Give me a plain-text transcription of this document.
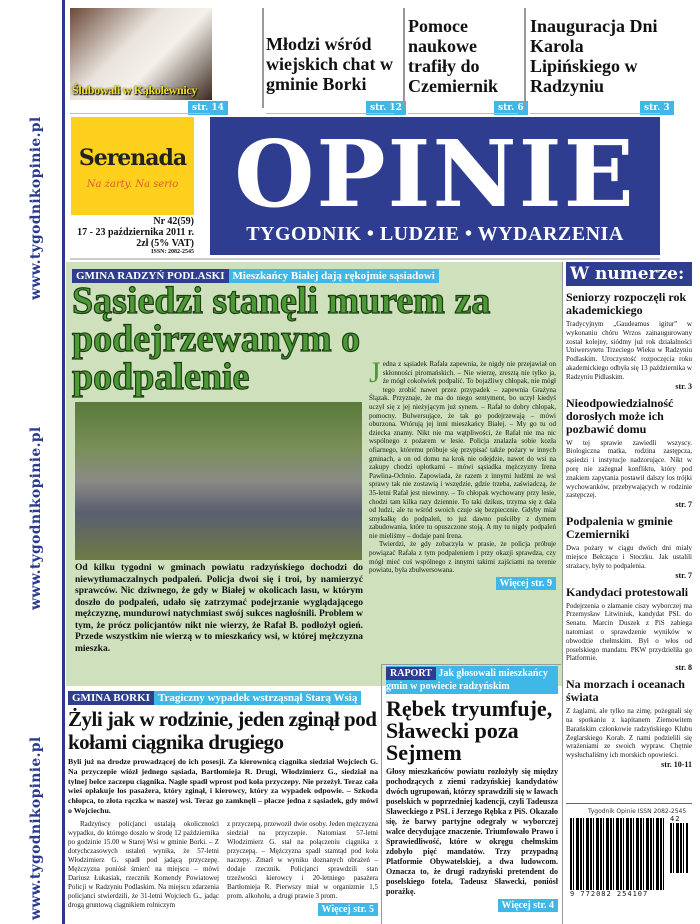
www.tygodnikopinie.pl
www.tygodnikopinie.pl
www.tygodnikopinie.pl
Ślubowali w Kąkolewnicy
str. 14
Młodzi wśród wiejskich chat w gminie Borki
str. 12
Pomoce naukowe trafiły do Czemiernik
str. 6
Inauguracja Dni Karola Lipińskiego w Radzyniu
str. 3
Serenada
Na żarty. Na serio
Nr 42(59)
17 - 23 października 2011 r.
2zł (5% VAT)
ISSN: 2082-2545
OPINIE
TYGODNIK • LUDZIE • WYDARZENIA
GMINA RADZYŃ PODLASKI Mieszkańcy Białej dają rękojmie sąsiadowi
Sąsiedzi stanęli murem za podejrzewanym o podpalenie
Od kilku tygodni w gminach powiatu radzyńskiego dochodzi do niewytłumaczalnych podpaleń. Policja dwoi się i troi, by namierzyć sprawców. Nic dziwnego, że gdy w Białej w okolicach lasu, w którym doszło do podpaleń, udało się zatrzymać podejrzanie wyglądającego mężczyznę, mundurowi natychmiast swój sukces nagłośnili. Problem w tym, że prócz policjantów nikt nie wierzy, że Rafał B. podłożył ogień. Przede wszystkim nie wierzą w to mieszkańcy wsi, w której mężczyzna mieszka.
Jedna z sąsiadek Rafała zapewnia, że nigdy nie przejawiał on skłonności piromańskich. – Nie wierzę, zresztą nie tylko ja, że mógł cokolwiek podpalić. To bojaźliwy chłopak, nie mógł tego zrobić nawet przez przypadek – zapewnia Grażyna Ślązak. Przyznaje, że ma do niego sentyment, bo uczył kiedyś uczył się z jej nieżyjącym już synem. – Rafał to dobry chłopak, pomocny. Bulwersujące, że tak go podejrzewają – mówi oburzona. Wtórują jej inni mieszkańcy Białej. – My go tu od dziecka znamy. Nikt nie ma wątpliwości, że Rafał nie ma nic wspólnego z pożarem w lesie. Policja znalazła sobie kozła ofiarnego, któremu próbuje się przypisać także pożary w innych gminach, a on od domu na krok nie odejdzie, nawet do wsi na zakupy chodzi opłotkami – mówi sąsiadka mężczyzny Irena Pawlina-Ochnio. Zapowiada, że razem z innymi ludźmi ze wsi sprawy tak nie zostawią i wszędzie, gdzie trzeba, zaświadczą, że 35-letni Rafał jest niewinny. – To chłopak wychowany przy lesie, chodzi tam kilka razy dziennie. To taki dzikus, trzyma się z dala od ludzi, ale tu wśród swoich czuje się bezpiecznie. Gdyby miał smykałkę do podpaleń, to już dawno puściłby z dymem zabudowania, które tu opuszczone stoją. A my tu nigdy podpaleń nie mieliśmy – dodaje pani Irena.

Twierdzi, że gdy zobaczyła w prasie, że policja próbuje powiązać Rafała z tym podpaleniem i przy okazji sprawdza, czy mógł mieć coś wspólnego z innymi takimi zajściami na terenie powiatu, była zbulwersowana.

Więcej str. 9
W numerze:
Seniorzy rozpoczęli rok akademickiego

Tradycyjnym „Gaudeamus igitur” w wykonaniu chóru Wrzos zainaugurowany został kolejny, siódmy już rok działalności Uniwersytetu Trzeciego Wieku w Radzyniu Podlaskim. Uroczystość rozpoczęcia roku akademickiego odbyła się 13 października w Radzyniu Pidlaskim.

str. 3
Nieodpowiedzialność dorosłych może ich pozbawić domu

W tej sprawie zawiedli wszyscy. Biologiczna matka, rodzina zastępcza, sąsiedzi i instytucje nadzorujące. Nikt w porę nie zażegnał konfliktu, który pod znakiem zapytania postawił dalszy los trójki wychowanków, przebywających w rodzinie zastępczej.

str. 7
Podpalenia w gminie Czemierniki

Dwa pożary w ciągu dwóch dni miały miejsce Bełczącu i Stoczku. Jak ustalili strażacy, były to podpalenia.

str. 7
Kandydaci protestowali

Podejrzenia o złamanie ciszy wyborczej ma Przemysław Litwiniuk, kandydat PSL do Senatu. Marcin Duszek z PiS zabiega natomiast o sprawdzenie wyników w obwodzie chełmskim. Był o włos od poselskiego mandatu. PKW przydzieliła go Platformie.

str. 8
Na morzach i oceanach świata

Z żaglami, ale tylko na zimę, pożegnali się na spotkaniu z kapitanem Ziemowitem Barańskim członkowie radzyńskiego Klubu Żeglarskiego Korab. Z nami podzielili się wrażeniami ze swoich wypraw. Chętnie wysłuchaliśmy ich morskich opowieści.

str. 10-11
GMINA BORKI Tragiczny wypadek wstrząsnął Starą Wsią
Żyli jak w rodzinie, jeden zginął pod kołami ciągnika drugiego
Byli już na drodze prowadzącej do ich posesji. Za kierownicą ciągnika siedział Wojciech G. Na przyczepie wiózł jednego sąsiada, Bartłomieja R. Drugi, Włodzimierz G., siedział na tylnej belce zaczepu ciągnika. Nagle spadł wprost pod koła przyczepy. Nie przeżył. Teraz cała wieś opłakuje los pasażera, który zginął, i kierowcy, który za wypadek odpowie. – Szkoda chłopca, to złota rączka w naszej wsi. Teraz go zamknęli – płacze jedna z sąsiadek, gdy mówi o Wojciechu.

Radzyńscy policjanci ustalają okoliczności wypadku, do którego doszło w środę 12 października po godzinie 15.00 w Starej Wsi w gminie Borki. – Z dotychczasowych ustaleń wynika, że 57-letni Włodzimierz G. spadł pod jadącą przyczepę. Mężczyzna poniósł śmierć na miejscu – mówi Dariusz Łukasiak, rzecznik Komendy Powiatowej Policji w Radzyniu Podlaskim. Na miejscu zdarzenia policjanci stwierdzili, że 31-letni Wojciech G., jadąc drogą gruntową ciągnikiem rolniczym

z przyczepą, przewoził dwie osoby. Jeden mężczyzna siedział na przyczepie. Natomiast 57-letni Włodzimierz G. stał na połączeniu ciągnika z przyczepą. – Mężczyzna spadł stamtąd pod koła naczepy. Zmarł w wyniku doznanych obrażeń – dodaje rzecznik. Policjanci sprawdzili stan trzeźwości kierowcy i 20-letniego pasażera Bartłomieja R. Pierwszy miał w organizmie 1,5 prom. alkoholu, a drugi prawie 3 prom.

Więcej str. 5
RAPORT Jak głosowali mieszkańcy gmin w powiecie radzyńskim
Rębek tryumfuje, Sławecki poza Sejmem

Głosy mieszkańców powiatu rozłożyły się między pochodzących z ziemi radzyńskiej kandydatów dwóch ugrupowań, którzy sprawdzili się w ławach poselskich w poprzedniej kadencji, czyli Tadeusza Sławeckiego z PSL i Jerzego Rębka z PiS. Okazało się, że barwy partyjne odegrały w wyborczej walce decydujące znaczenie. Triumfowało Prawo i Sprawiedliwość, które w okręgu chełmskim zdobyło pięć mandatów. Trzy przypadną Platformie Obywatelskiej, a dwa ludowcom. Oznacza to, że drugi radzyński pretendent do poselskiego fotela, Tadeusz Sławecki, poniósł porażkę.

Więcej str. 4
Tygodnik Opinie ISSN 2082-2545
9 772082 254107
42
